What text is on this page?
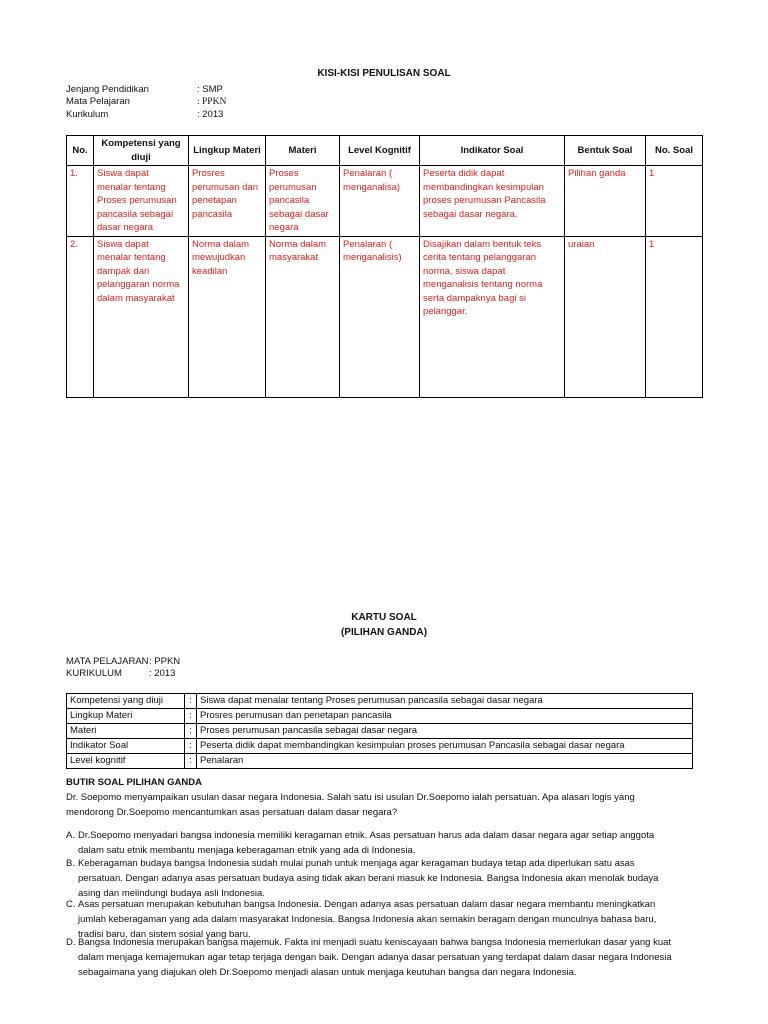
KISI-KISI PENULISAN SOAL
Jenjang Pendidikan	: SMP
Mata Pelajaran	: PPKN
Kurikulum	: 2013
No.	Kompetensi yang diuji	Lingkup Materi	Materi	Level Kognitif	Indikator Soal	Bentuk Soal	No. Soal
1.	Siswa dapat menalar tentang Proses perumusan pancasila sebagai dasar negara	Prosres perumusan dan penetapan pancasila	Proses perumusan pancasila sebagai dasar negara	Penalaran ( menganalisa)	Peserta didik dapat membandingkan kesimpulan proses perumusan Pancasila sebagai dasar negara.	Pilihan ganda	1
2.	Siswa dapat menalar tentang dampak dari pelanggaran norma dalam masyarakat	Norma dalam mewujudkan keadilan	Norma dalam masyarakat	Penalaran ( menganalisis)	Disajikan dalam bentuk teks cerita tentang pelanggaran norma, siswa dapat menganalisis tentang norma serta dampaknya bagi si pelanggar.	uraian	1
KARTU SOAL
(PILIHAN GANDA)
MATA PELAJARAN : PPKN
KURIKULUM	: 2013
Kompetensi yang diuji	:	Siswa dapat menalar tentang Proses perumusan pancasila sebagai dasar negara
Lingkup Materi	:	Prosres perumusan dan penetapan pancasila
Materi	:	Proses perumusan pancasila sebagai dasar negara
Indikator Soal	:	Peserta didik dapat membandingkan kesimpulan proses perumusan Pancasila sebagai dasar negara
Level kognitif	:	Penalaran
BUTIR SOAL PILIHAN GANDA
Dr. Soepomo menyampaikan usulan dasar negara Indonesia. Salah satu isi usulan Dr.Soepomo ialah persatuan. Apa alasan logis yang
mendorong Dr.Soepomo mencantumkan asas persatuan dalam dasar negara?
A. Dr.Soepomo menyadari bangsa indonesia memiliki keragaman etnik. Asas persatuan harus ada dalam dasar negara agar setiap anggota
dalam satu etnik membantu menjaga keberagaman etnik yang ada di Indonesia.
B. Keberagaman budaya bangsa Indonesia sudah mulai punah untuk menjaga agar keragaman budaya tetap ada diperlukan satu asas
persatuan. Dengan adanya asas persatuan budaya asing tidak akan berani masuk ke Indonesia. Bangsa Indonesia akan menolak budaya
asing dan melindungi budaya asli Indonesia.
C. Asas persatuan merupakan kebutuhan bangsa Indonesia. Dengan adanya asas persatuan dalam dasar negara membantu meningkatkan
jumlah keberagaman yang ada dalam masyarakat Indonesia. Bangsa Indonesia akan semakin beragam dengan munculnya bahasa baru,
tradisi baru, dan sistem sosial yang baru.
D. Bangsa Indonesia merupakan bangsa majemuk. Fakta ini menjadi suatu keniscayaan bahwa bangsa Indonesia memerlukan dasar yang kuat
dalam menjaga kemajemukan agar tetap terjaga dengan baik. Dengan adanya dasar persatuan yang terdapat dalam dasar negara Indonesia
sebagaimana yang diajukan oleh Dr.Soepomo menjadi alasan untuk menjaga keutuhan bangsa dan negara Indonesia.
